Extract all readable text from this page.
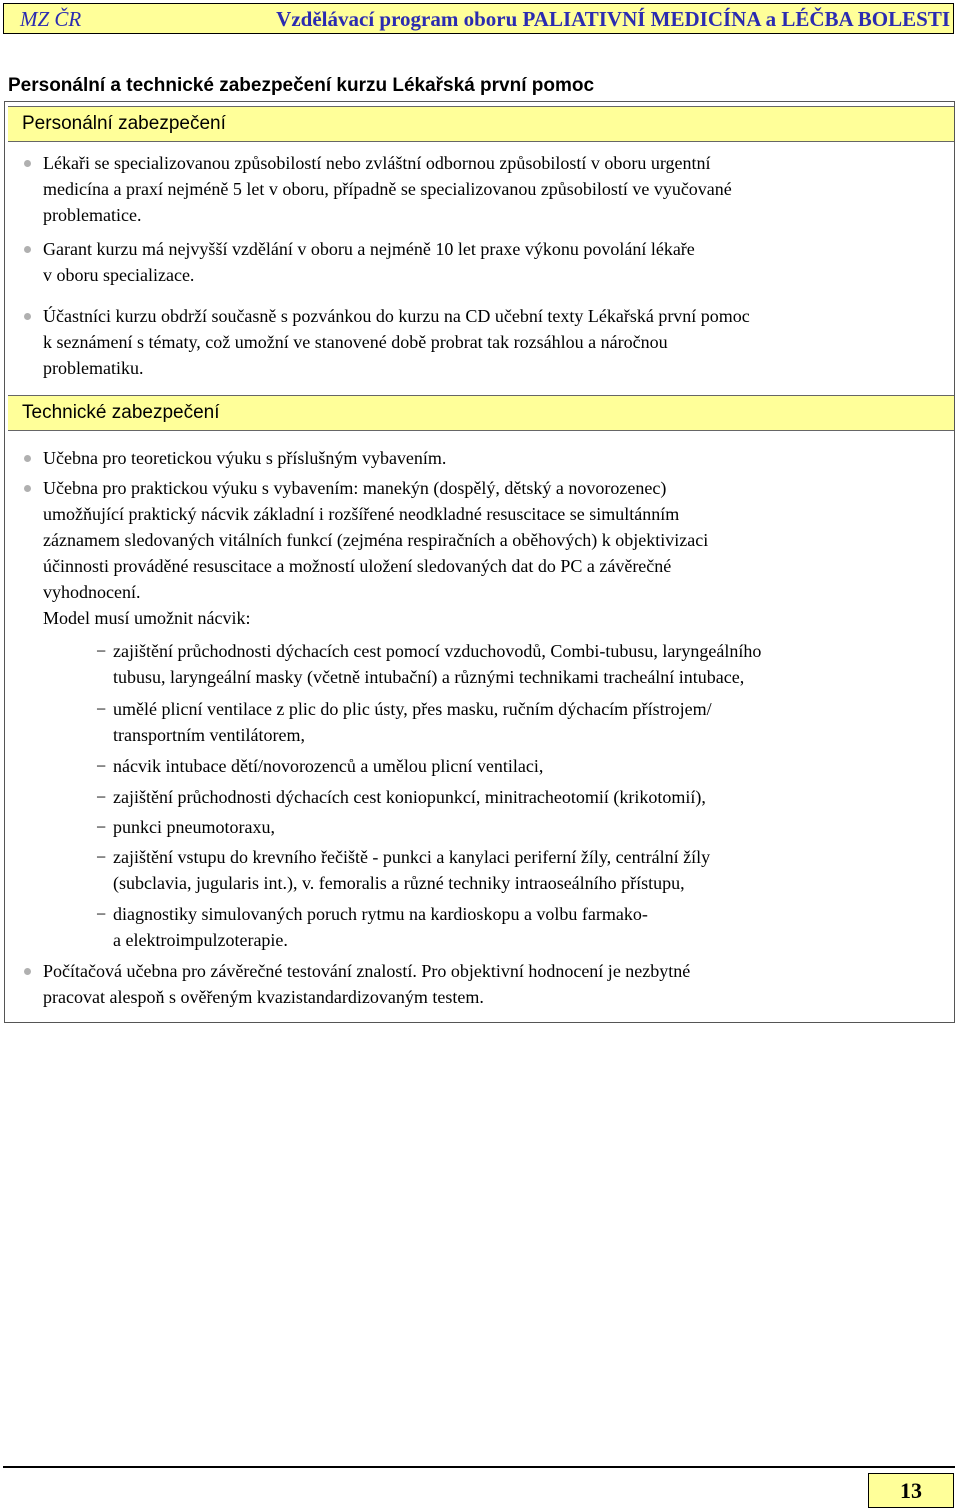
MZ ČR	Vzdělávací program oboru PALIATIVNÍ MEDICÍNA a LÉČBA BOLESTI
Personální a technické zabezpečení kurzu Lékařská první pomoc
Personální zabezpečení
Lékaři se specializovanou způsobilostí nebo zvláštní odbornou způsobilostí v oboru urgentní
medicína a praxí nejméně 5 let v oboru, případně se specializovanou způsobilostí ve vyučované
problematice.
Garant kurzu má nejvyšší vzdělání v oboru a nejméně 10 let praxe výkonu povolání lékaře
v oboru specializace.
Účastníci kurzu obdrží současně s pozvánkou do kurzu na CD učební texty Lékařská první pomoc
k seznámení s tématy, což umožní ve stanovené době probrat tak rozsáhlou a náročnou
problematiku.
Technické zabezpečení
Učebna pro teoretickou výuku s příslušným vybavením.
Učebna pro praktickou výuku s vybavením: manekýn (dospělý, dětský a novorozenec)
umožňující praktický nácvik základní i rozšířené neodkladné resuscitace se simultánním
záznamem sledovaných vitálních funkcí (zejména respiračních a oběhových) k objektivizaci
účinnosti prováděné resuscitace a možností uložení sledovaných dat do PC a závěrečné
vyhodnocení.
Model musí umožnit nácvik:
− zajištění průchodnosti dýchacích cest pomocí vzduchovodů, Combi-tubusu, laryngeálního
tubusu, laryngeální masky (včetně intubační) a různými technikami tracheální intubace,
− umělé plicní ventilace z plic do plic ústy, přes masku, ručním dýchacím přístrojem/
transportním ventilátorem,
− nácvik intubace dětí/novorozenců a umělou plicní ventilaci,
− zajištění průchodnosti dýchacích cest koniopunkcí, minitracheotomií (krikotomií),
− punkci pneumotoraxu,
− zajištění vstupu do krevního řečiště - punkci a kanylaci periferní žíly, centrální žíly
(subclavia, jugularis int.), v. femoralis a různé techniky intraoseálního přístupu,
− diagnostiky simulovaných poruch rytmu na kardioskopu a volbu farmako-
a elektroimpulzoterapie.
Počítačová učebna pro závěrečné testování znalostí. Pro objektivní hodnocení je nezbytné
pracovat alespoň s ověřeným kvazistandardizovaným testem.
13
